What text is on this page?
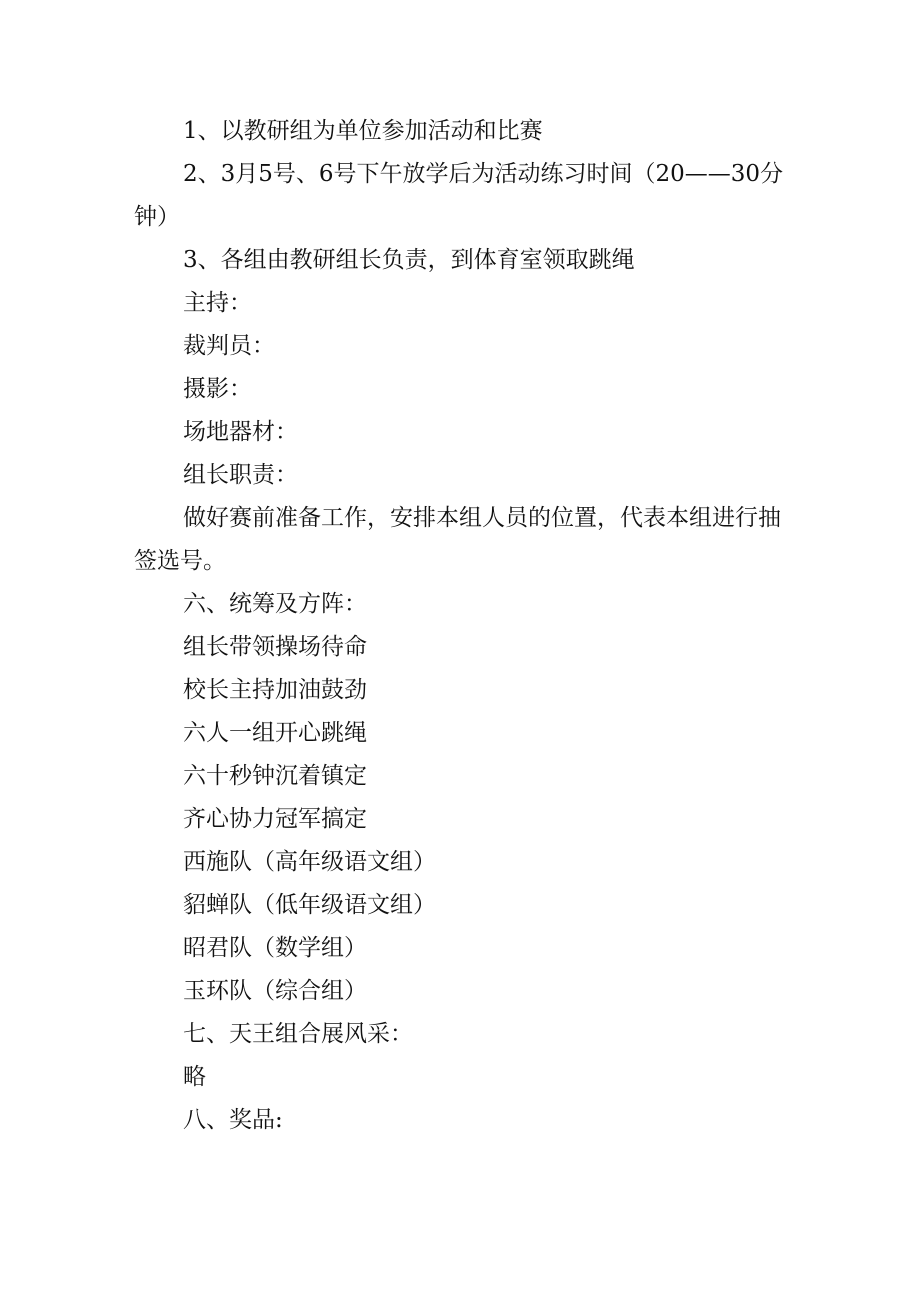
1、以教研组为单位参加活动和比赛

2、3月5号、6号下午放学后为活动练习时间（20——30分钟）

3、各组由教研组长负责，到体育室领取跳绳

主持：

裁判员：

摄影：

场地器材：

组长职责：

做好赛前准备工作，安排本组人员的位置，代表本组进行抽签选号。

六、统筹及方阵：

组长带领操场待命

校长主持加油鼓劲

六人一组开心跳绳

六十秒钟沉着镇定

齐心协力冠军搞定

西施队（高年级语文组）

貂蝉队（低年级语文组）

昭君队（数学组）

玉环队（综合组）

七、天王组合展风采：

略

八、奖品:
